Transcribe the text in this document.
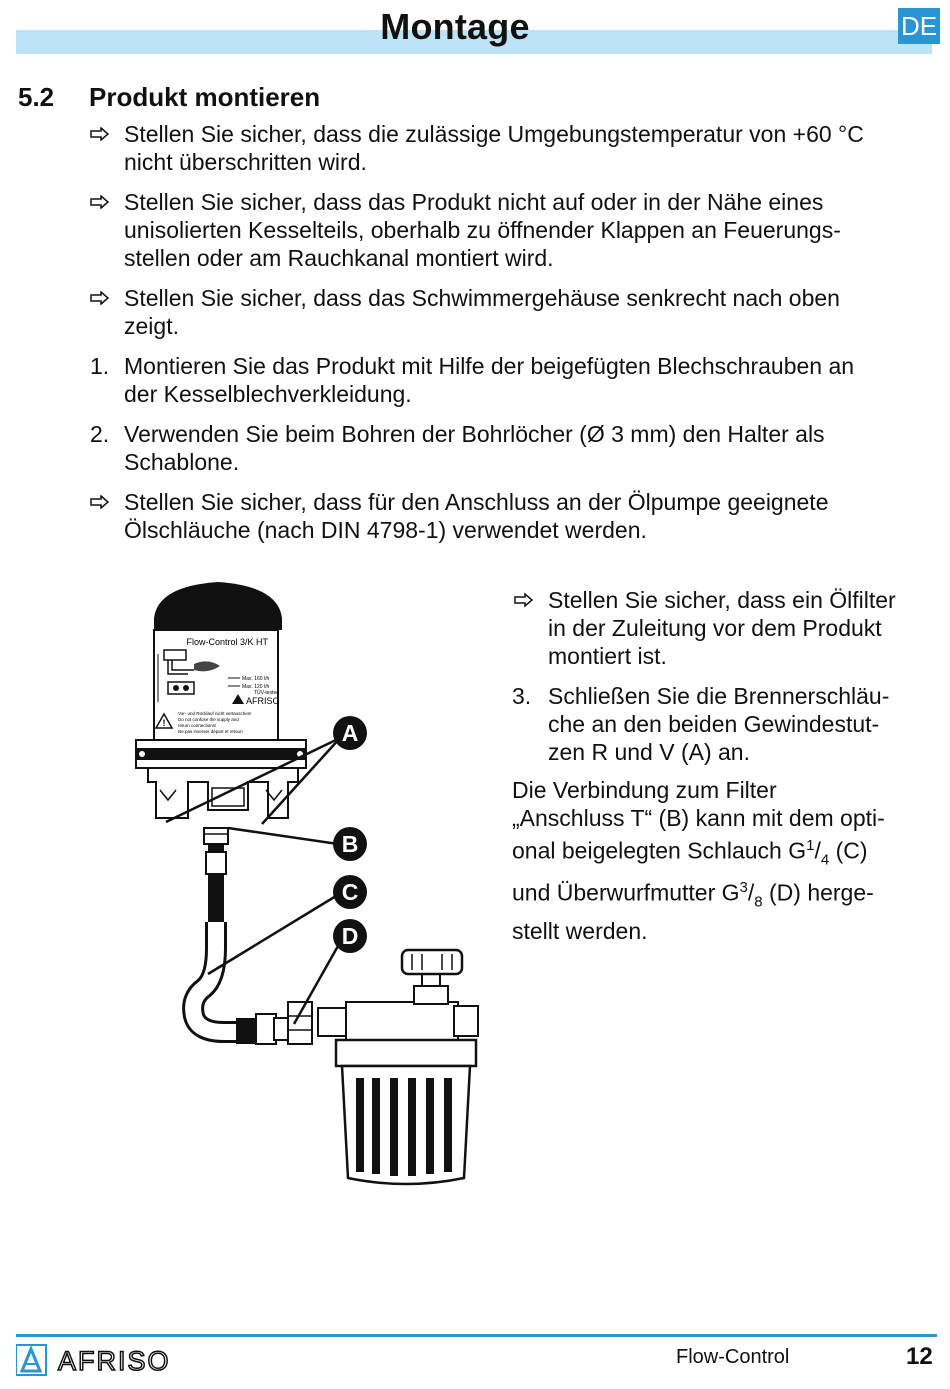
Montage	DE
5.2 Produkt montieren
Stellen Sie sicher, dass die zulässige Umgebungstemperatur von +60 °C
nicht überschritten wird.
Stellen Sie sicher, dass das Produkt nicht auf oder in der Nähe eines
unisolierten Kesselteils, oberhalb zu öffnender Klappen an Feuerungs-
stellen oder am Rauchkanal montiert wird.
Stellen Sie sicher, dass das Schwimmergehäuse senkrecht nach oben
zeigt.
1. Montieren Sie das Produkt mit Hilfe der beigefügten Blechschrauben an
der Kesselblechverkleidung.
2. Verwenden Sie beim Bohren der Bohrlöcher (Ø 3 mm) den Halter als
Schablone.
Stellen Sie sicher, dass für den Anschluss an der Ölpumpe geeignete
Ölschläuche (nach DIN 4798-1) verwendet werden.
Stellen Sie sicher, dass ein Ölfilter
in der Zuleitung vor dem Produkt
montiert ist.
3. Schließen Sie die Brennerschläu-
che an den beiden Gewindestut-
zen R und V (A) an.
Die Verbindung zum Filter
„Anschluss T“ (B) kann mit dem opti-
onal beigelegten Schlauch $G^1/_4$ (C)
und Überwurfmutter $G^3/_8$ (D) herge-
stellt werden.
Flow-Control 3/K HT
Max. 160 l/h
Max. 120 l/h
TÜV-tested
AFRISO
!
Vor- und Rücklauf nicht vertauschen!
Do not confuse the supply and
return connections!
Ne pas inverser départ et retour!	A
B
C
D
AFRISO	Flow-Control	12
